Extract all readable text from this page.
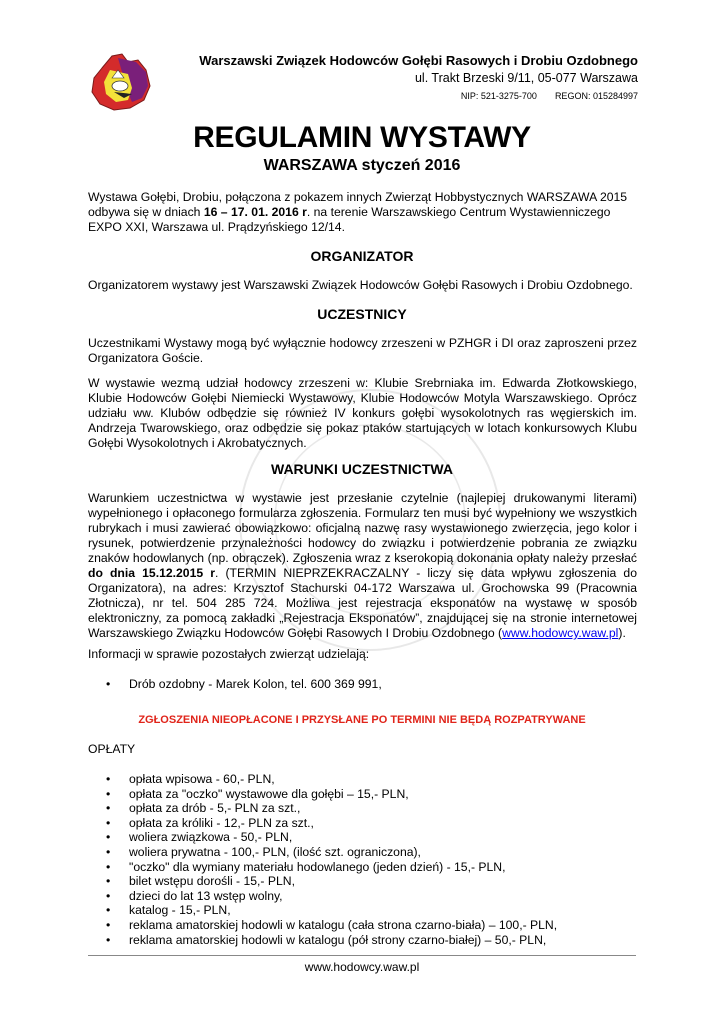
Warszawski Związek Hodowców Gołębi Rasowych i Drobiu Ozdobnego
ul. Trakt Brzeski 9/11, 05-077 Warszawa
NIP: 521-3275-700 REGON: 015284997
REGULAMIN WYSTAWY
WARSZAWA styczeń 2016
Wystawa Gołębi, Drobiu, połączona z pokazem innych Zwierząt Hobbystycznych WARSZAWA 2015
odbywa się w dniach 16 – 17. 01. 2016 r. na terenie Warszawskiego Centrum Wystawienniczego
EXPO XXI, Warszawa ul. Prądzyńskiego 12/14.
ORGANIZATOR
Organizatorem wystawy jest Warszawski Związek Hodowców Gołębi Rasowych i Drobiu Ozdobnego.
UCZESTNICY
Uczestnikami Wystawy mogą być wyłącznie hodowcy zrzeszeni w PZHGR i DI oraz zaproszeni przez Organizatora Goście.
W wystawie wezmą udział hodowcy zrzeszeni w: Klubie Srebrniaka im. Edwarda Złotkowskiego, Klubie Hodowców Gołębi Niemiecki Wystawowy, Klubie Hodowców Motyla Warszawskiego. Oprócz udziału ww. Klubów odbędzie się również IV konkurs gołębi wysokolotnych ras węgierskich im. Andrzeja Twarowskiego, oraz odbędzie się pokaz ptaków startujących w lotach konkursowych Klubu Gołębi Wysokolotnych i Akrobatycznych.
WARUNKI UCZESTNICTWA
Warunkiem uczestnictwa w wystawie jest przesłanie czytelnie (najlepiej drukowanymi literami) wypełnionego i opłaconego formularza zgłoszenia. Formularz ten musi być wypełniony we wszystkich rubrykach i musi zawierać obowiązkowo: oficjalną nazwę rasy wystawionego zwierzęcia, jego kolor i rysunek, potwierdzenie przynależności hodowcy do związku i potwierdzenie pobrania ze związku znaków hodowlanych (np. obrączek). Zgłoszenia wraz z kserokopią dokonania opłaty należy przesłać do dnia 15.12.2015 r. (TERMIN NIEPRZEKRACZALNY - liczy się data wpływu zgłoszenia do Organizatora), na adres: Krzysztof Stachurski 04-172 Warszawa ul. Grochowska 99 (Pracownia Złotnicza), nr tel. 504 285 724. Możliwa jest rejestracja eksponatów na wystawę w sposób elektroniczny, za pomocą zakładki „Rejestracja Eksponatów”, znajdującej się na stronie internetowej Warszawskiego Związku Hodowców Gołębi Rasowych I Drobiu Ozdobnego (www.hodowcy.waw.pl).
Informacji w sprawie pozostałych zwierząt udzielają:
• Drób ozdobny - Marek Kolon, tel. 600 369 991,
ZGŁOSZENIA NIEOPŁACONE I PRZYSŁANE PO TERMINI NIE BĘDĄ ROZPATRYWANE
OPŁATY
• opłata wpisowa - 60,- PLN,
• opłata za "oczko" wystawowe dla gołębi – 15,- PLN,
• opłata za drób - 5,- PLN za szt.,
• opłata za króliki - 12,- PLN za szt.,
• woliera związkowa - 50,- PLN,
• woliera prywatna - 100,- PLN, (ilość szt. ograniczona),
• "oczko" dla wymiany materiału hodowlanego (jeden dzień) - 15,- PLN,
• bilet wstępu dorośli - 15,- PLN,
• dzieci do lat 13 wstęp wolny,
• katalog - 15,- PLN,
• reklama amatorskiej hodowli w katalogu (cała strona czarno-biała) – 100,- PLN,
• reklama amatorskiej hodowli w katalogu (pół strony czarno-białej) – 50,- PLN,
www.hodowcy.waw.pl
